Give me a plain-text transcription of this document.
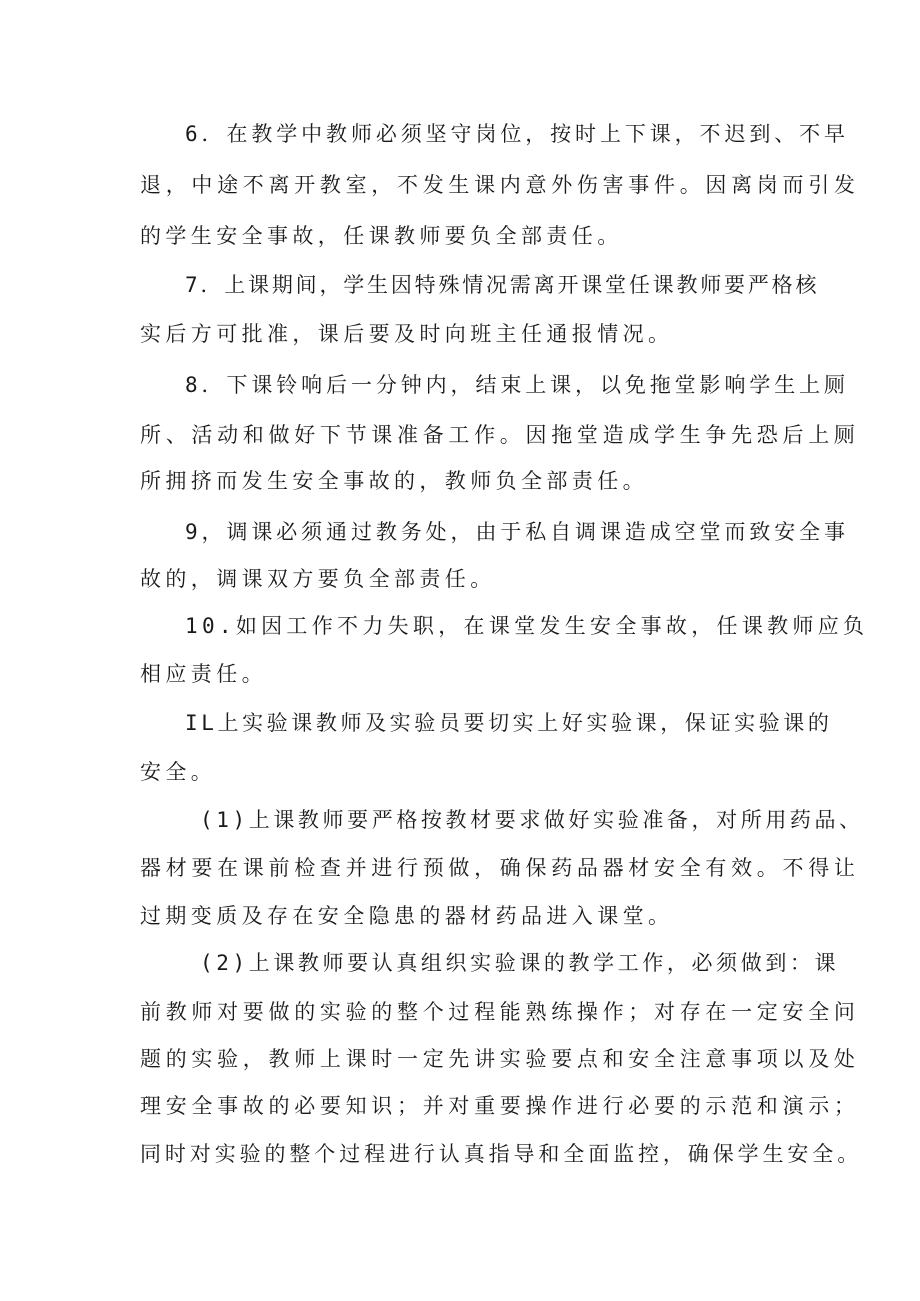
6．在教学中教师必须坚守岗位，按时上下课，不迟到、不早
退，中途不离开教室，不发生课内意外伤害事件。因离岗而引发
的学生安全事故，任课教师要负全部责任。
7．上课期间，学生因特殊情况需离开课堂任课教师要严格核
实后方可批准，课后要及时向班主任通报情况。
8．下课铃响后一分钟内，结束上课，以免拖堂影响学生上厕
所、活动和做好下节课准备工作。因拖堂造成学生争先恐后上厕
所拥挤而发生安全事故的，教师负全部责任。
9，调课必须通过教务处，由于私自调课造成空堂而致安全事
故的，调课双方要负全部责任。
10.如因工作不力失职，在课堂发生安全事故，任课教师应负
相应责任。
IL上实验课教师及实验员要切实上好实验课，保证实验课的
安全。
(1)上课教师要严格按教材要求做好实验准备，对所用药品、
器材要在课前检查并进行预做，确保药品器材安全有效。不得让
过期变质及存在安全隐患的器材药品进入课堂。
(2)上课教师要认真组织实验课的教学工作，必须做到：课
前教师对要做的实验的整个过程能熟练操作；对存在一定安全问
题的实验，教师上课时一定先讲实验要点和安全注意事项以及处
理安全事故的必要知识；并对重要操作进行必要的示范和演示；
同时对实验的整个过程进行认真指导和全面监控，确保学生安全。
